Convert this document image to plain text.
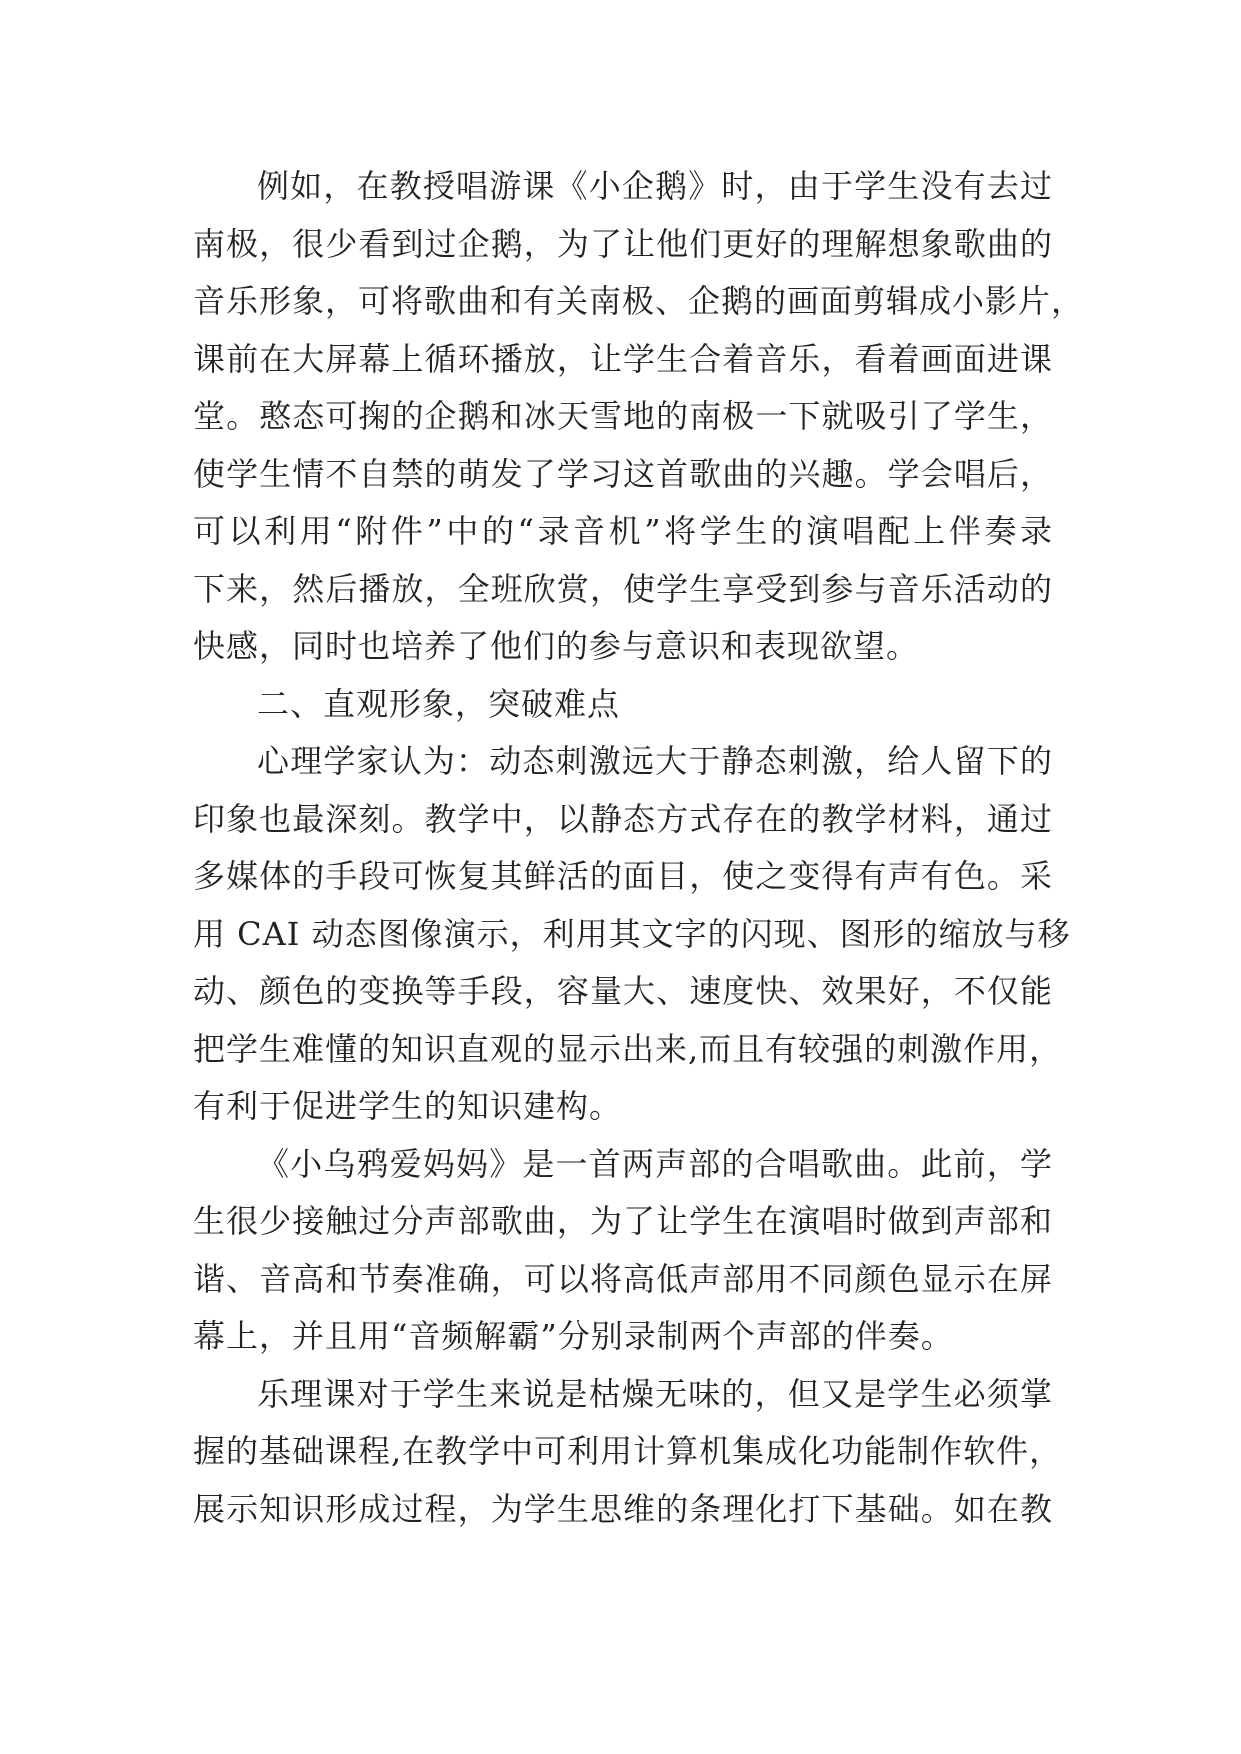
例如，在教授唱游课《小企鹅》时，由于学生没有去过
南极，很少看到过企鹅，为了让他们更好的理解想象歌曲的
音乐形象，可将歌曲和有关南极、企鹅的画面剪辑成小影片，
课前在大屏幕上循环播放，让学生合着音乐，看着画面进课
堂。憨态可掬的企鹅和冰天雪地的南极一下就吸引了学生，
使学生情不自禁的萌发了学习这首歌曲的兴趣。学会唱后，
可以利用“附件”中的“录音机”将学生的演唱配上伴奏录
下来，然后播放，全班欣赏，使学生享受到参与音乐活动的
快感，同时也培养了他们的参与意识和表现欲望。
二、直观形象，突破难点
心理学家认为：动态刺激远大于静态刺激，给人留下的
印象也最深刻。教学中，以静态方式存在的教学材料，通过
多媒体的手段可恢复其鲜活的面目，使之变得有声有色。采
用 CAI 动态图像演示，利用其文字的闪现、图形的缩放与移
动、颜色的变换等手段，容量大、速度快、效果好，不仅能
把学生难懂的知识直观的显示出来,而且有较强的刺激作用，
有利于促进学生的知识建构。
《小乌鸦爱妈妈》是一首两声部的合唱歌曲。此前，学
生很少接触过分声部歌曲，为了让学生在演唱时做到声部和
谐、音高和节奏准确，可以将高低声部用不同颜色显示在屏
幕上，并且用“音频解霸”分别录制两个声部的伴奏。
乐理课对于学生来说是枯燥无味的，但又是学生必须掌
握的基础课程,在教学中可利用计算机集成化功能制作软件，
展示知识形成过程，为学生思维的条理化打下基础。如在教
